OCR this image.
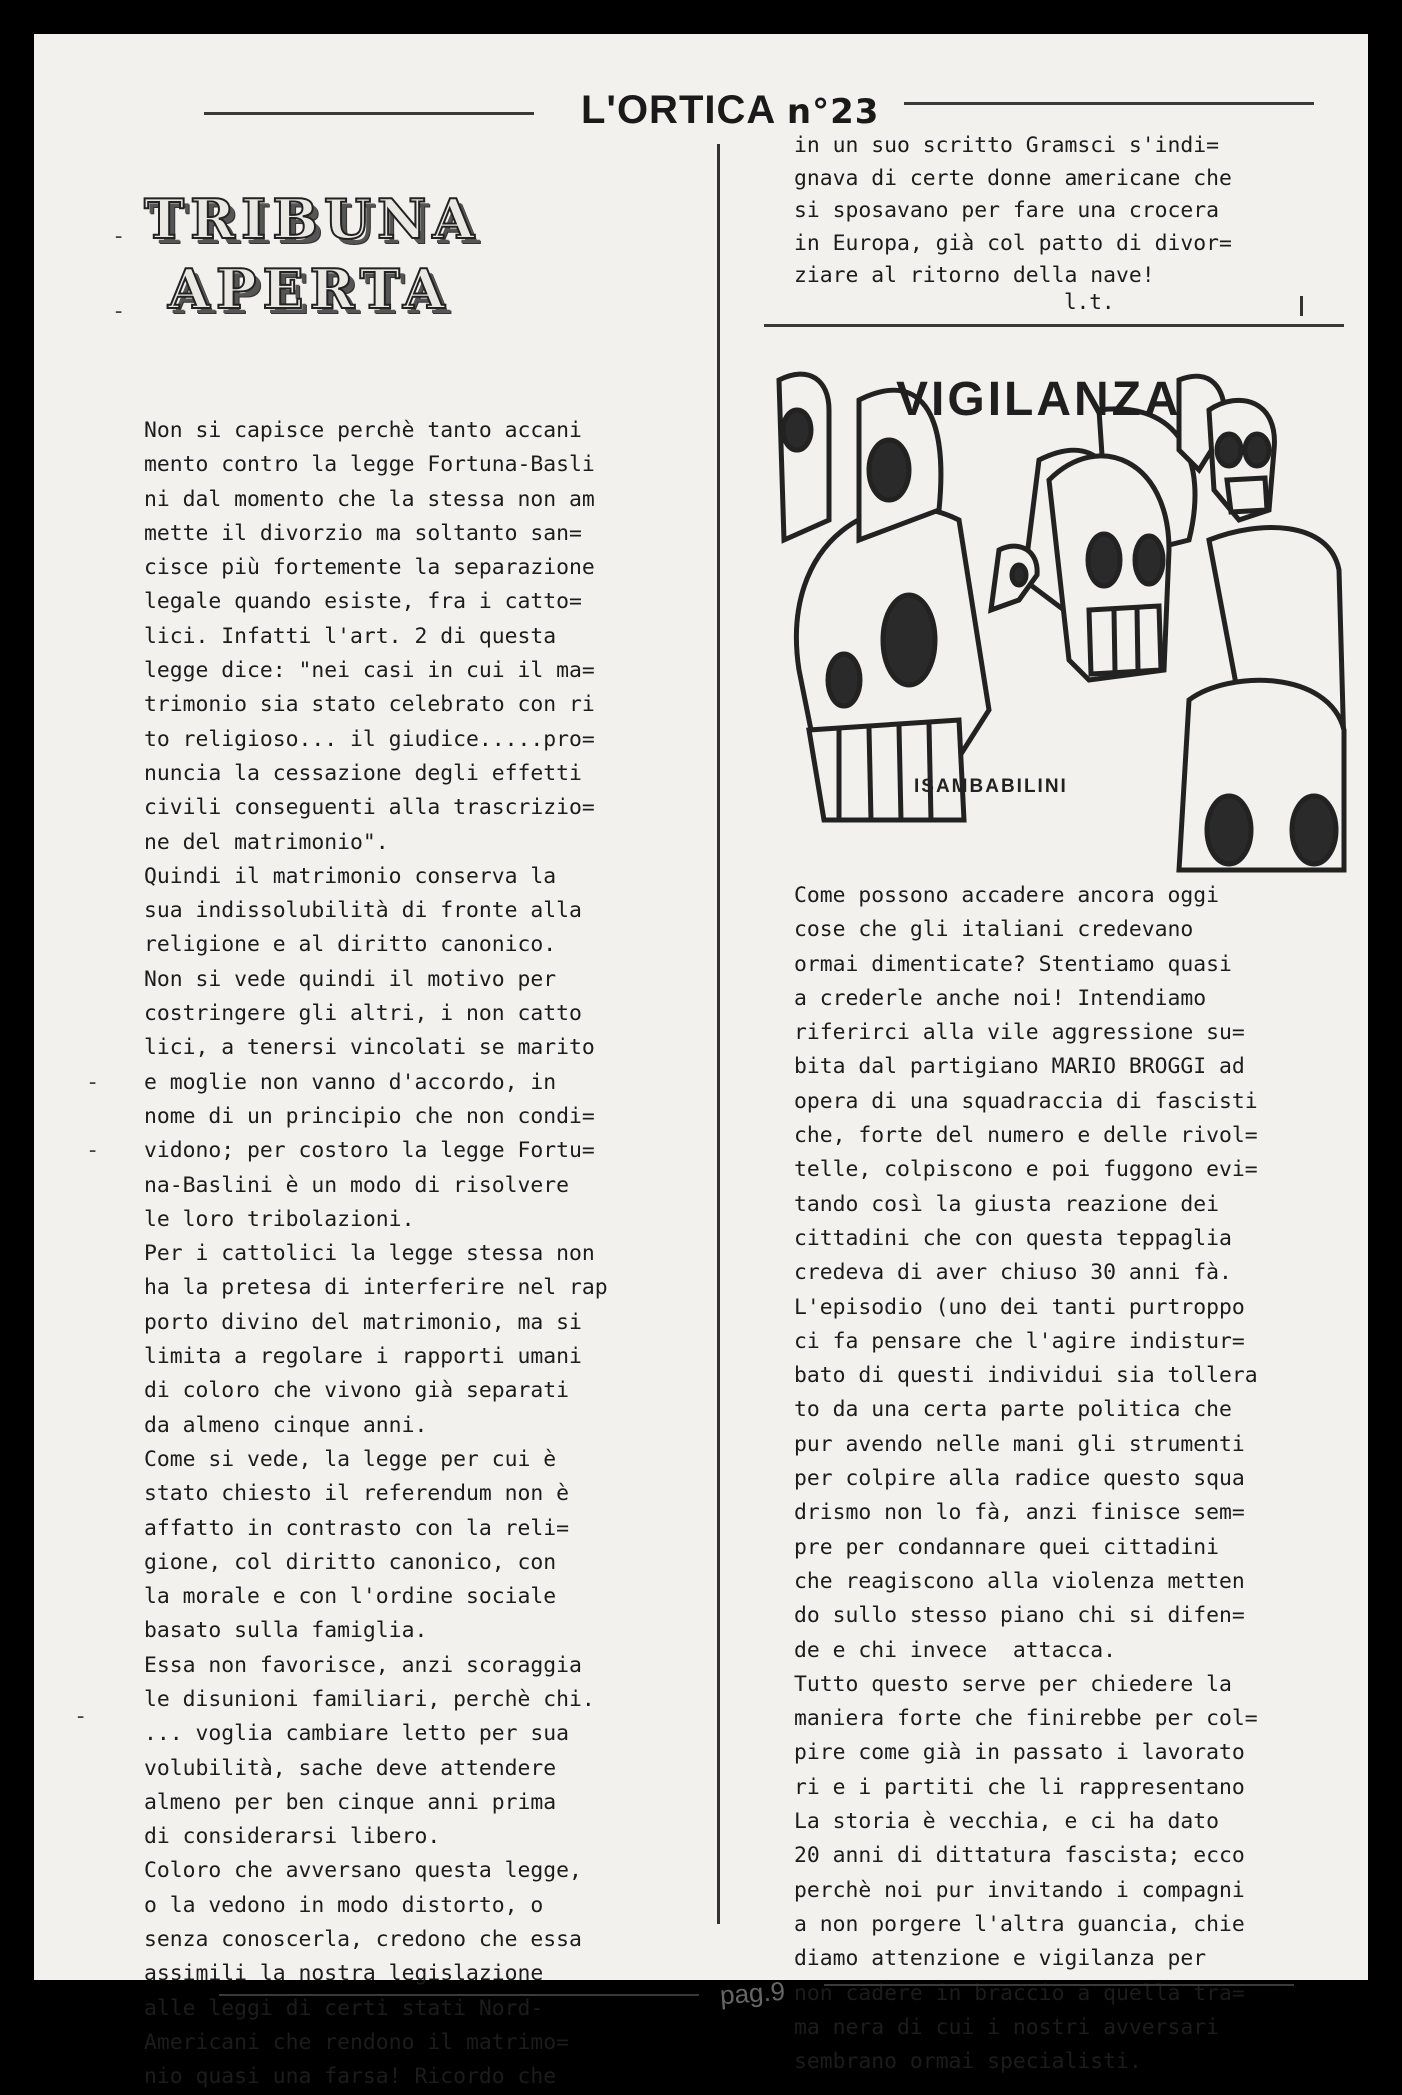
L'ORTICA n°23
TRIBUNA
APERTA
-
-
Non si capisce perchè tanto accani
mento contro la legge Fortuna-Basli
ni dal momento che la stessa non am
mette il divorzio ma soltanto san=
cisce più fortemente la separazione
legale quando esiste, fra i catto=
lici. Infatti l'art. 2 di questa
legge dice: "nei casi in cui il ma=
trimonio sia stato celebrato con ri
to religioso... il giudice.....pro=
nuncia la cessazione degli effetti
civili conseguenti alla trascrizio=
ne del matrimonio".
Quindi il matrimonio conserva la
sua indissolubilità di fronte alla
religione e al diritto canonico.
Non si vede quindi il motivo per
costringere gli altri, i non catto
lici, a tenersi vincolati se marito
e moglie non vanno d'accordo, in
nome di un principio che non condi=
vidono; per costoro la legge Fortu=
na-Baslini è un modo di risolvere
le loro tribolazioni.
Per i cattolici la legge stessa non
ha la pretesa di interferire nel rap
porto divino del matrimonio, ma si
limita a regolare i rapporti umani
di coloro che vivono già separati
da almeno cinque anni.
Come si vede, la legge per cui è
stato chiesto il referendum non è
affatto in contrasto con la reli=
gione, col diritto canonico, con
la morale e con l'ordine sociale
basato sulla famiglia.
Essa non favorisce, anzi scoraggia
le disunioni familiari, perchè chi.
... voglia cambiare letto per sua
volubilità, sache deve attendere
almeno per ben cinque anni prima
di considerarsi libero.
Coloro che avversano questa legge,
o la vedono in modo distorto, o
senza conoscerla, credono che essa
assimili la nostra legislazione
alle leggi di certi stati Nord-
Americani che rendono il matrimo=
nio quasi una farsa! Ricordo che
-
-
-
in un suo scritto Gramsci s'indi=
gnava di certe donne americane che
si sposavano per fare una crocera
in Europa, già col patto di divor=
ziare al ritorno della nave!
l.t.
VIGILANZA
ISAMBABILINI
Come possono accadere ancora oggi
cose che gli italiani credevano
ormai dimenticate? Stentiamo quasi
a crederle anche noi! Intendiamo
riferirci alla vile aggressione su=
bita dal partigiano MARIO BROGGI ad
opera di una squadraccia di fascisti
che, forte del numero e delle rivol=
telle, colpiscono e poi fuggono evi=
tando così la giusta reazione dei
cittadini che con questa teppaglia
credeva di aver chiuso 30 anni fà.
L'episodio (uno dei tanti purtroppo
ci fa pensare che l'agire indistur=
bato di questi individui sia tollera
to da una certa parte politica che
pur avendo nelle mani gli strumenti
per colpire alla radice questo squa
drismo non lo fà, anzi finisce sem=
pre per condannare quei cittadini
che reagiscono alla violenza metten
do sullo stesso piano chi si difen=
de e chi invece  attacca.
Tutto questo serve per chiedere la
maniera forte che finirebbe per col=
pire come già in passato i lavorato
ri e i partiti che li rappresentano
La storia è vecchia, e ci ha dato
20 anni di dittatura fascista; ecco
perchè noi pur invitando i compagni
a non porgere l'altra guancia, chie
diamo attenzione e vigilanza per
non cadere in braccio a quella tra=
ma nera di cui i nostri avversari
sembrano ormai specialisti.
pag.9
